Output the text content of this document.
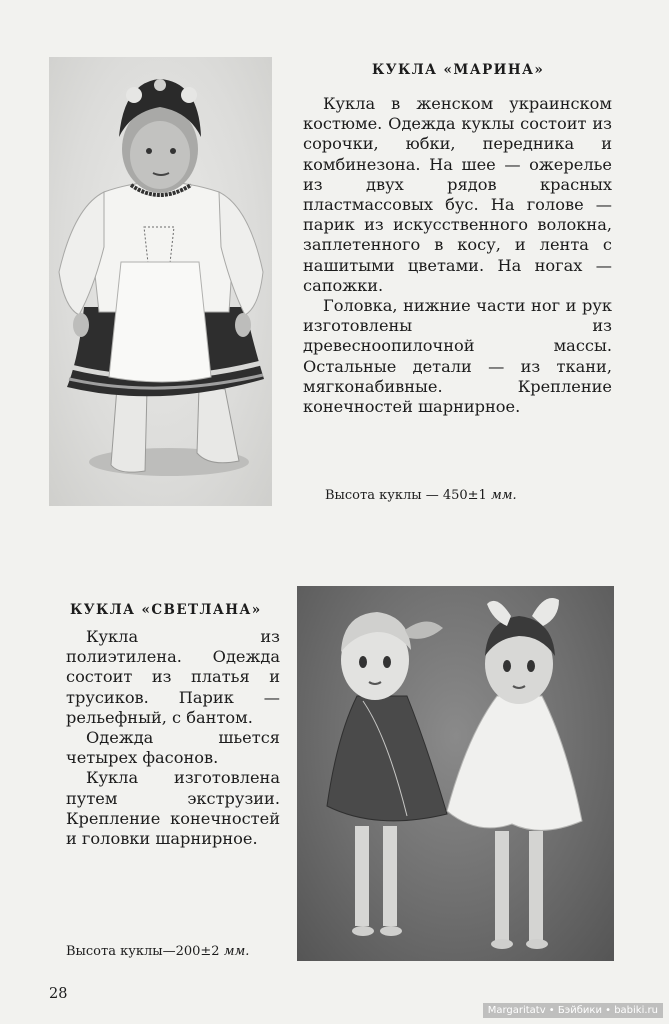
КУКЛА «МАРИНА»

Кукла в женском украинском костюме. Одежда куклы состоит из сорочки, юбки, передника и комбинезона. На шее — ожерелье из двух рядов красных пластмассовых бус. На голове — парик из искусственного волокна, заплетенного в косу, и лента с нашитыми цветами. На ногах — сапожки.

Головка, нижние части ног и рук изготовлены из древесноопилочной массы. Остальные детали — из ткани, мягконабивные. Крепление конечностей шарнирное.

Высота куклы — 450±1 мм.
КУКЛА «СВЕТЛАНА»

Кукла из полиэтилена. Одежда состоит из платья и трусиков. Парик — рельефный, с бантом.

Одежда шьется четырех фасонов.

Кукла изготовлена путем экструзии. Крепление конечностей и головки шарнирное.

Высота куклы—200±2 мм.
28
Margaritatv • Бэйбики • babiki.ru
